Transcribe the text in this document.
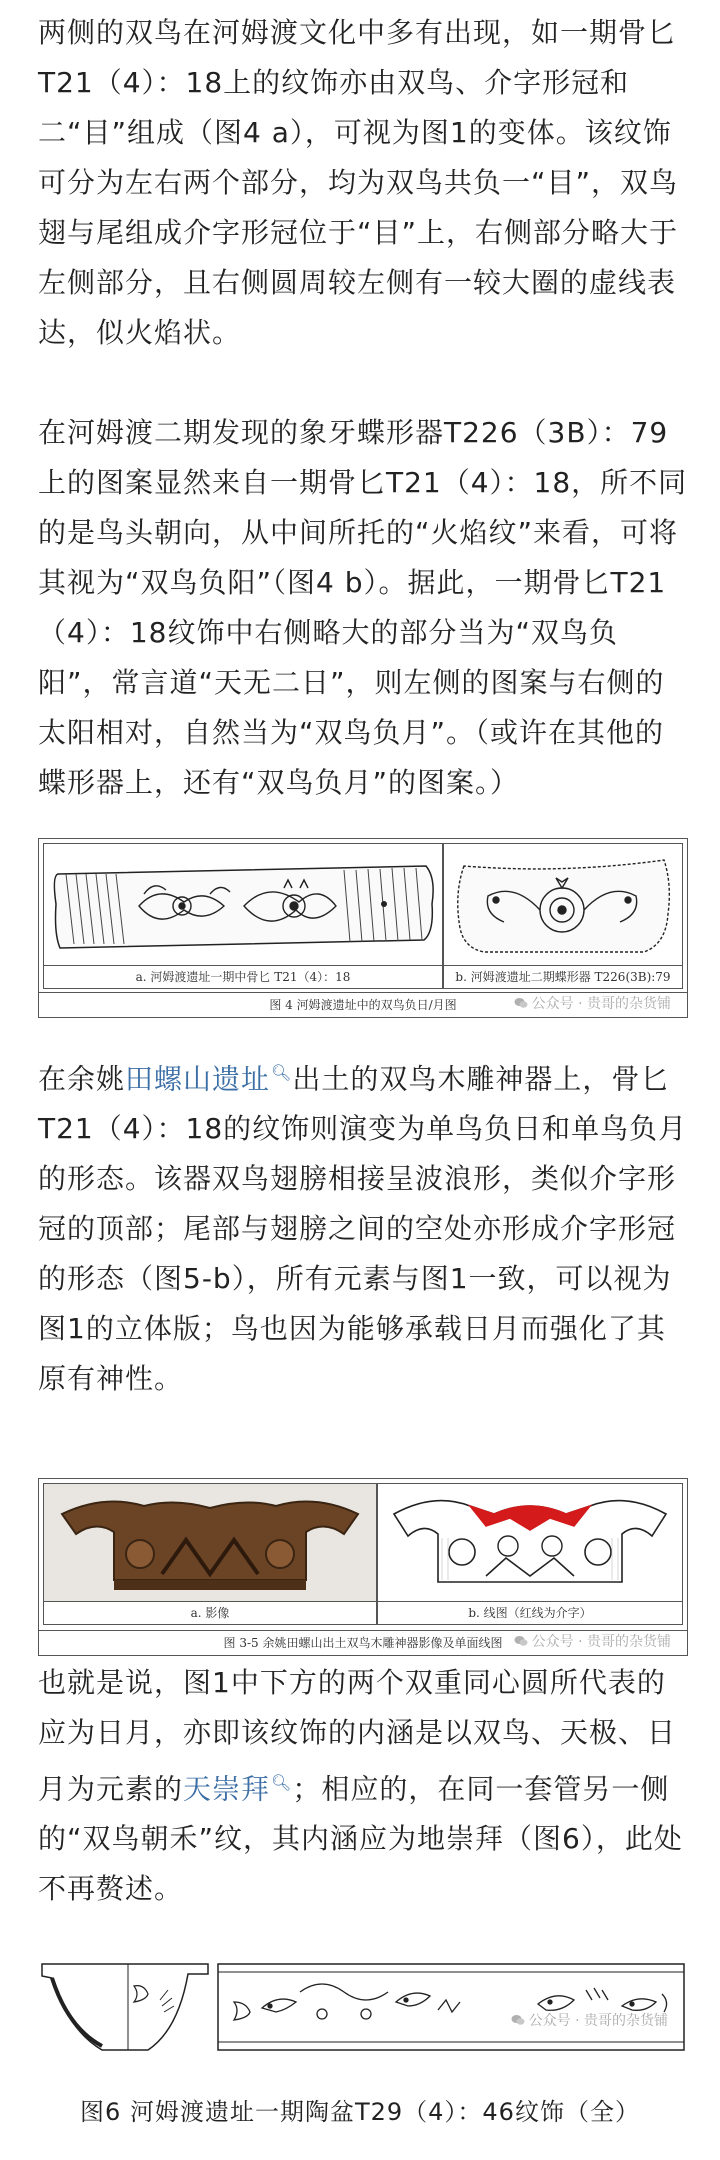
两侧的双鸟在河姆渡文化中多有出现，如一期骨匕T21（4）：18上的纹饰亦由双鸟、介字形冠和二“目”组成（图4 a），可视为图1的变体。该纹饰可分为左右两个部分，均为双鸟共负一“目”，双鸟翅与尾组成介字形冠位于“目”上，右侧部分略大于左侧部分，且右侧圆周较左侧有一较大圈的虚线表达，似火焰状。

在河姆渡二期发现的象牙蝶形器T226（3B）：79上的图案显然来自一期骨匕T21（4）：18，所不同的是鸟头朝向，从中间所托的“火焰纹”来看，可将其视为“双鸟负阳”（图4 b）。据此，一期骨匕T21（4）：18纹饰中右侧略大的部分当为“双鸟负阳”，常言道“天无二日”，则左侧的图案与右侧的太阳相对，自然当为“双鸟负月”。（或许在其他的蝶形器上，还有“双鸟负月”的图案。）

a. 河姆渡遗址一期中骨匕 T21（4）：18	b. 河姆渡遗址二期蝶形器 T226(3B):79
图 4 河姆渡遗址中的双鸟负日/月图	公众号 · 贵哥的杂货铺

在余姚田螺山遗址🔍︎出土的双鸟木雕神器上，骨匕T21（4）：18的纹饰则演变为单鸟负日和单鸟负月的形态。该器双鸟翅膀相接呈波浪形，类似介字形冠的顶部；尾部与翅膀之间的空处亦形成介字形冠的形态（图5-b），所有元素与图1一致，可以视为图1的立体版；鸟也因为能够承载日月而强化了其原有神性。

a. 影像	b. 线图（红线为介字）
图 3-5 余姚田螺山出土双鸟木雕神器影像及单面线图	公众号 · 贵哥的杂货铺

也就是说，图1中下方的两个双重同心圆所代表的应为日月，亦即该纹饰的内涵是以双鸟、天极、日月为元素的天崇拜🔍︎；相应的，在同一套管另一侧的“双鸟朝禾”纹，其内涵应为地崇拜（图6），此处不再赘述。

公众号 · 贵哥的杂货铺
图6 河姆渡遗址一期陶盆T29（4）：46纹饰（全）
